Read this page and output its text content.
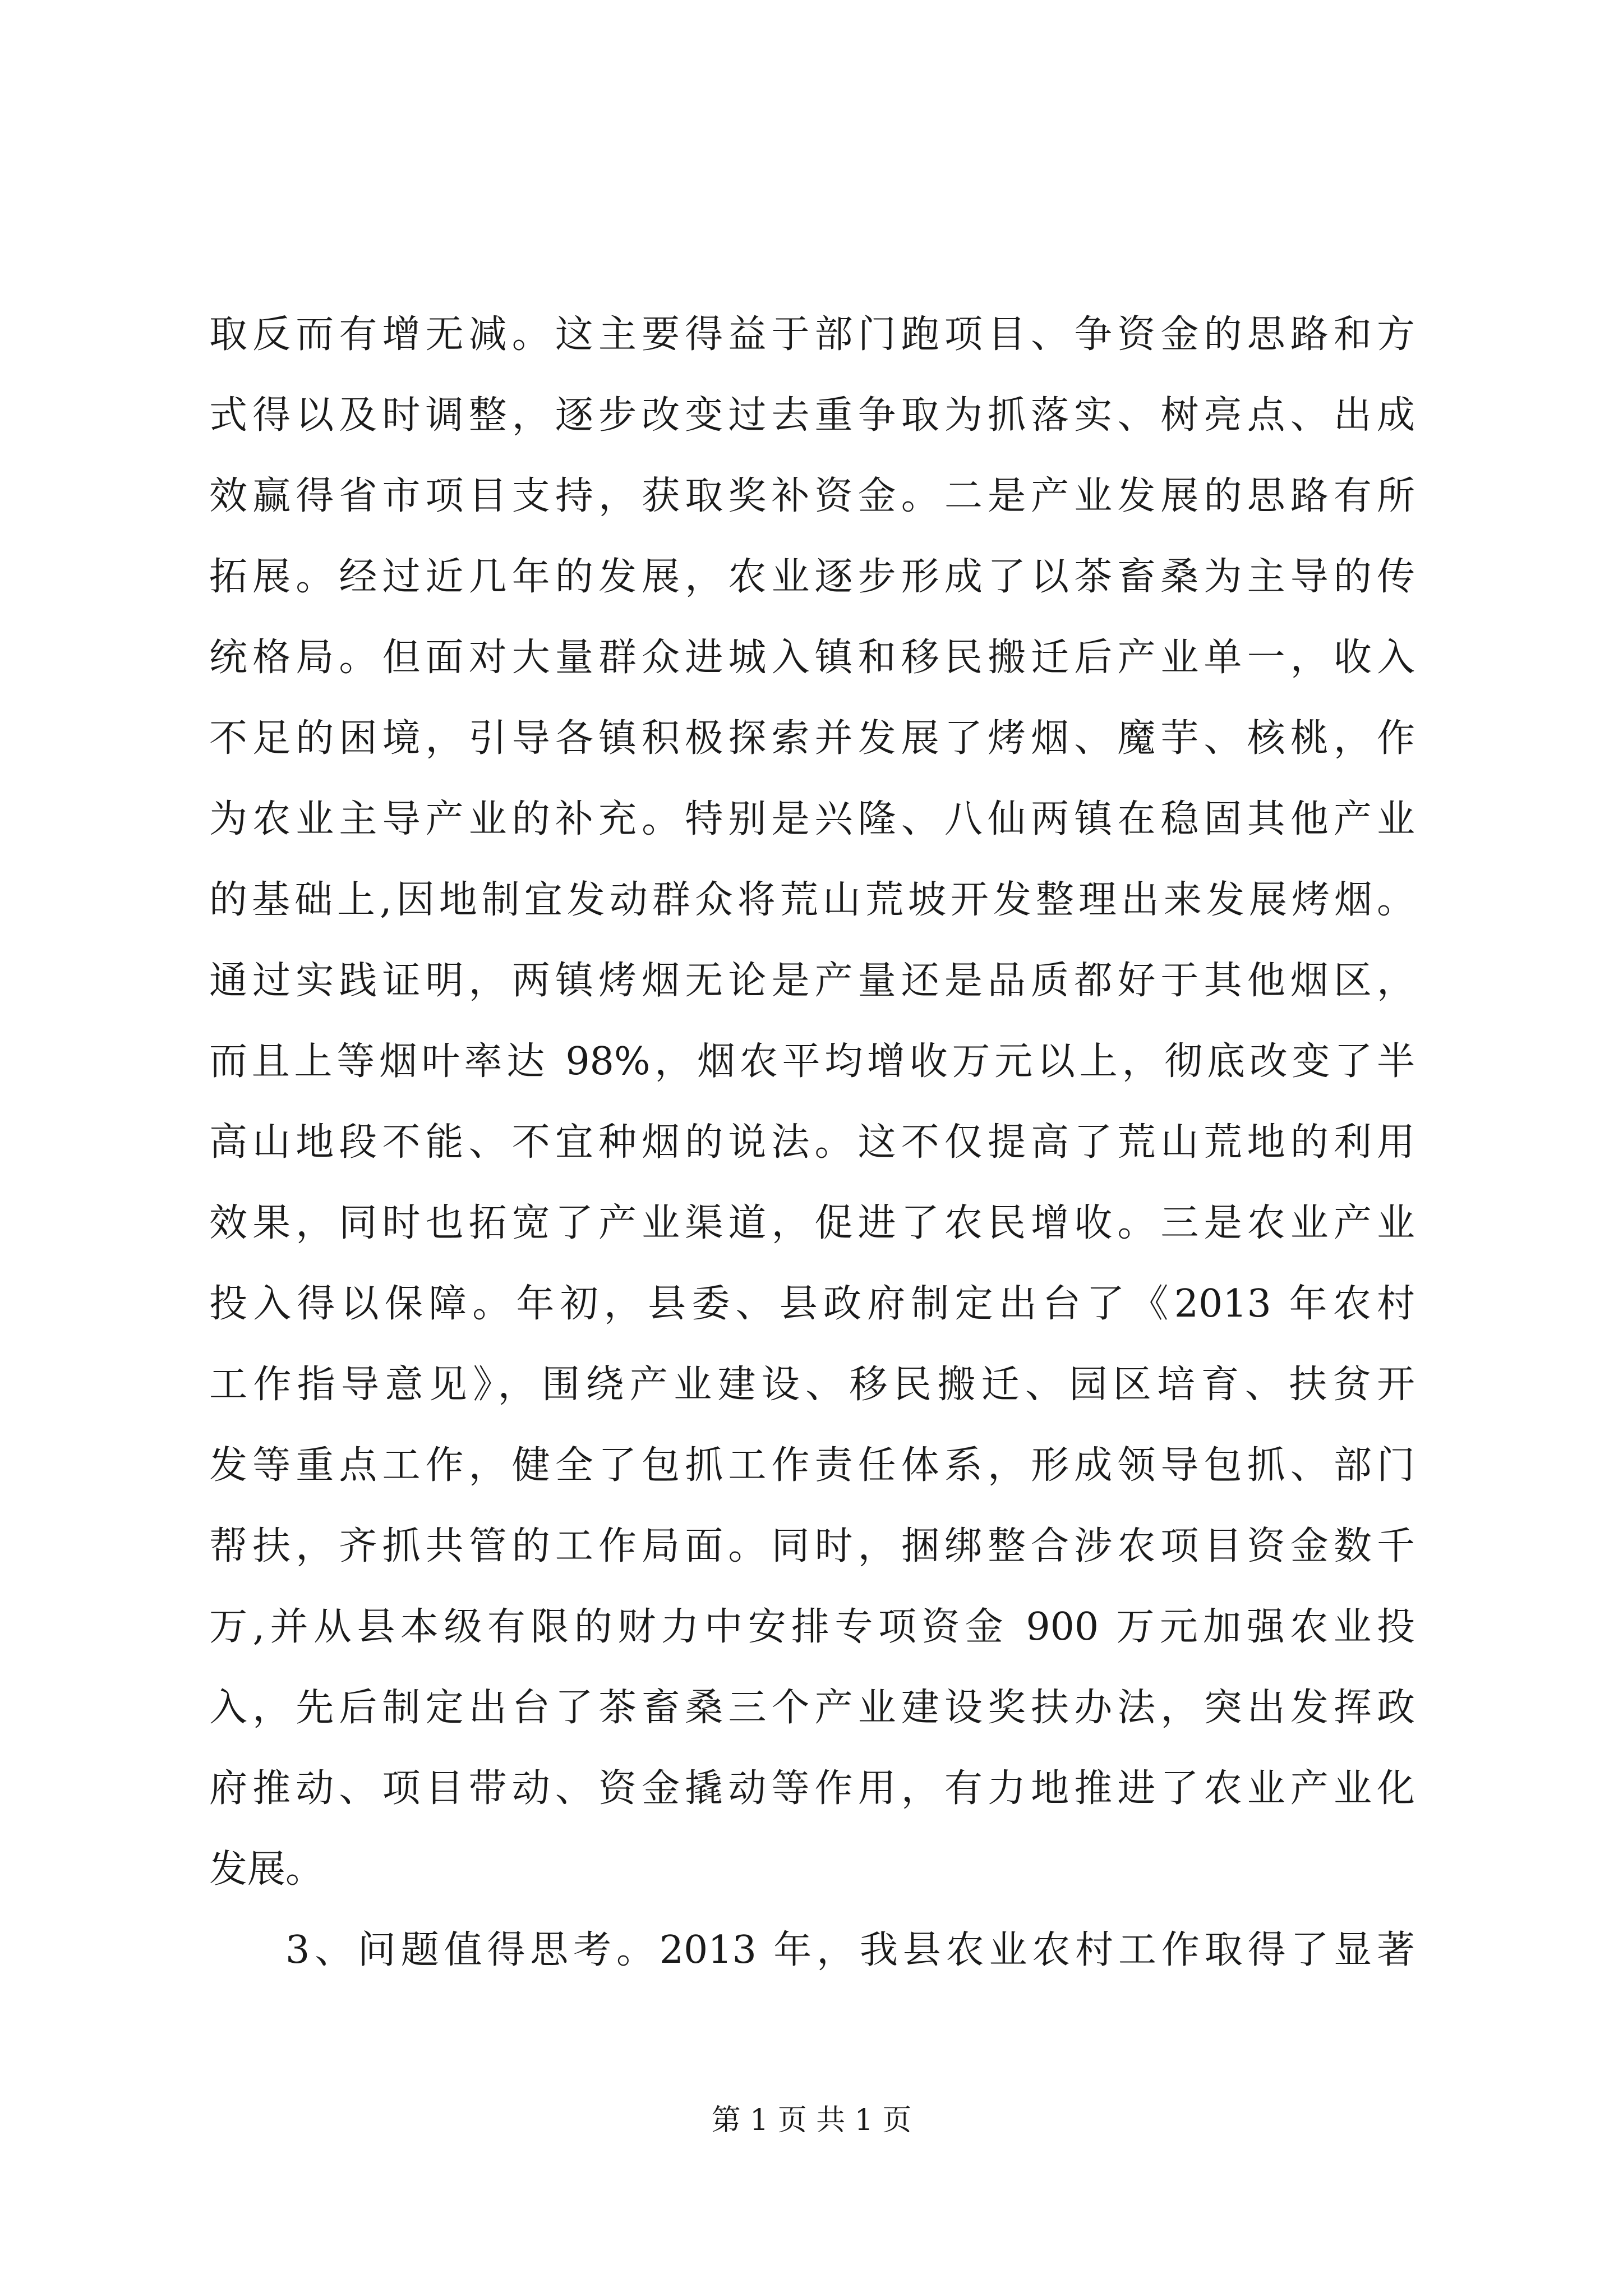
取反而有增无减。这主要得益于部门跑项目、争资金的思路和方
式得以及时调整，逐步改变过去重争取为抓落实、树亮点、出成
效赢得省市项目支持，获取奖补资金。二是产业发展的思路有所
拓展。经过近几年的发展，农业逐步形成了以茶畜桑为主导的传
统格局。但面对大量群众进城入镇和移民搬迁后产业单一，收入
不足的困境，引导各镇积极探索并发展了烤烟、魔芋、核桃，作
为农业主导产业的补充。特别是兴隆、八仙两镇在稳固其他产业
的基础上,因地制宜发动群众将荒山荒坡开发整理出来发展烤烟。
通过实践证明，两镇烤烟无论是产量还是品质都好于其他烟区，
而且上等烟叶率达 98%，烟农平均增收万元以上，彻底改变了半
高山地段不能、不宜种烟的说法。这不仅提高了荒山荒地的利用
效果，同时也拓宽了产业渠道，促进了农民增收。三是农业产业
投入得以保障。年初，县委、县政府制定出台了《2013 年农村
工作指导意见》，围绕产业建设、移民搬迁、园区培育、扶贫开
发等重点工作，健全了包抓工作责任体系，形成领导包抓、部门
帮扶，齐抓共管的工作局面。同时，捆绑整合涉农项目资金数千
万,并从县本级有限的财力中安排专项资金 900 万元加强农业投
入，先后制定出台了茶畜桑三个产业建设奖扶办法，突出发挥政
府推动、项目带动、资金撬动等作用，有力地推进了农业产业化
发展。
3、问题值得思考。2013 年，我县农业农村工作取得了显著
第 1 页 共 1 页
